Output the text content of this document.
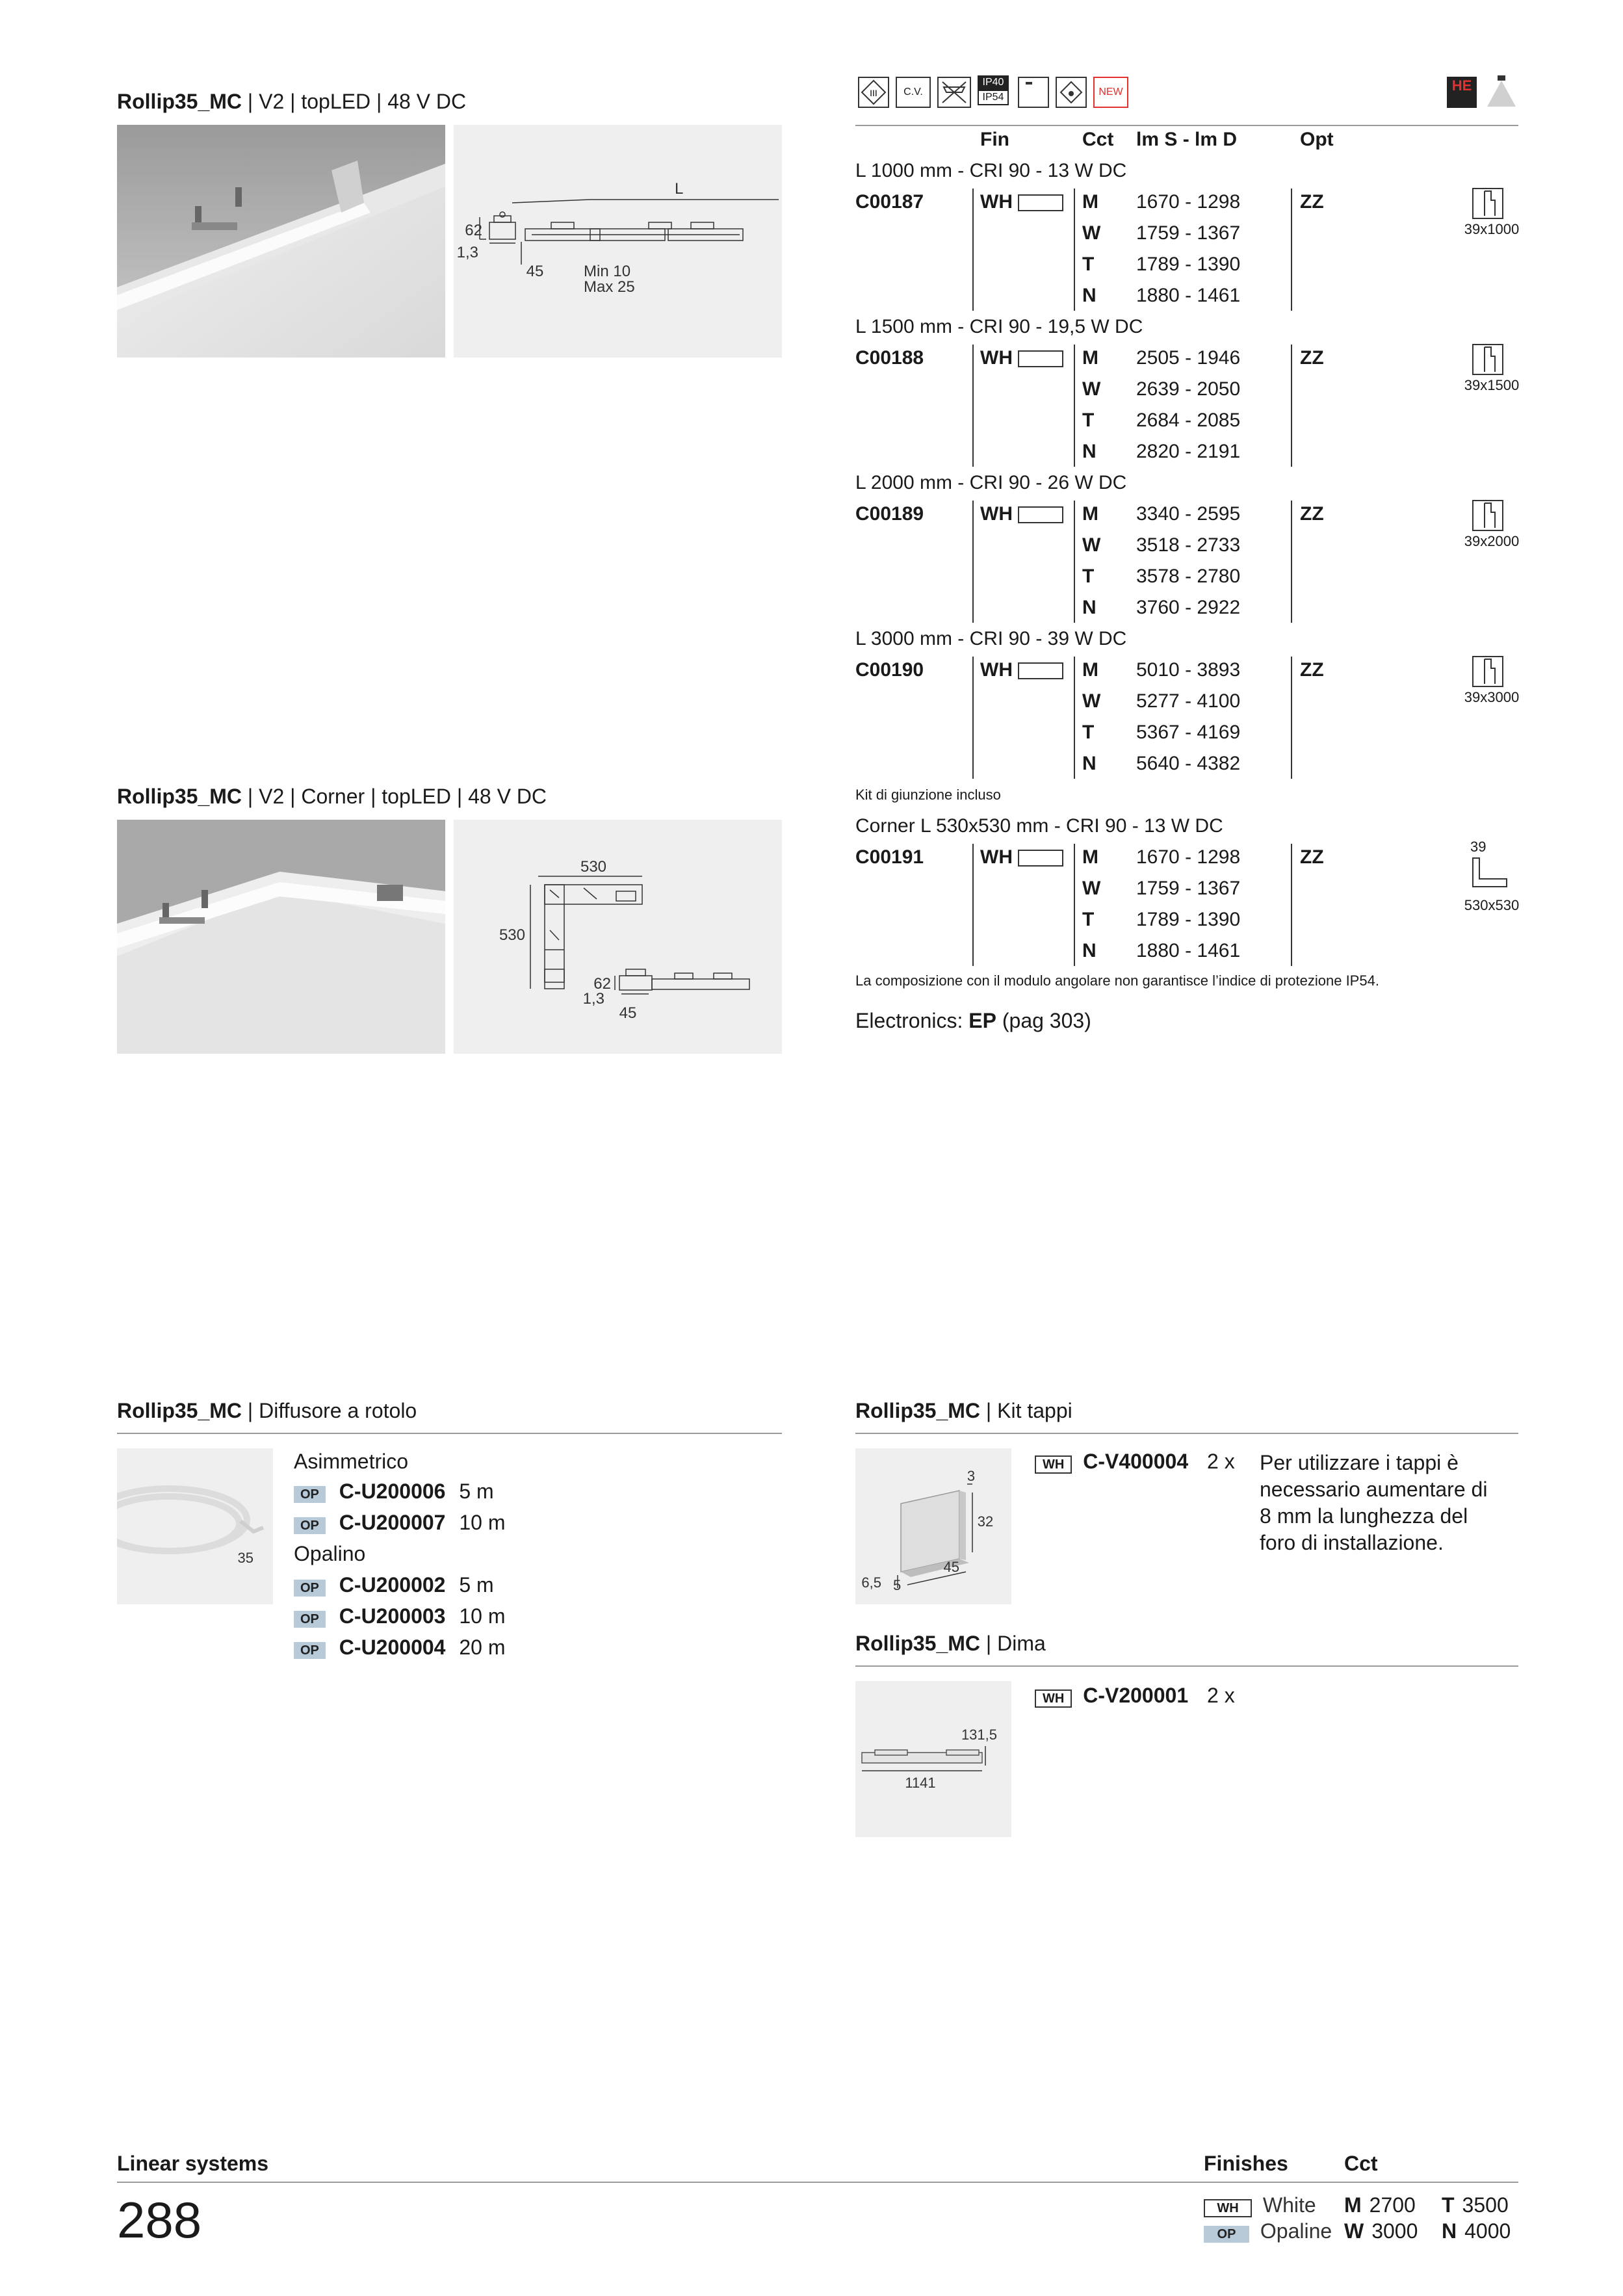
Rollip35_MC | V2 | topLED | 48 V DC
L
62
1,3
45	Min 10
Max 25
Rollip35_MC | V2 | Corner | topLED | 48 V DC
530
530
62
1,3
45
III	C.V.
IP40
IP54	NEW	HE
Fin	Cct lm S - lm D	Opt
L 1000 mm - CRI 90 - 13 W DC
C00187	WH	M 1670 - 1298
W 1759 - 1367
T 1789 - 1390
N 1880 - 1461
ZZ
39x1000
L 1500 mm - CRI 90 - 19,5 W DC
C00188	WH	M 2505 - 1946
W 2639 - 2050
T 2684 - 2085
N 2820 - 2191
ZZ
39x1500
L 2000 mm - CRI 90 - 26 W DC
C00189	WH	M 3340 - 2595
W 3518 - 2733
T 3578 - 2780
N 3760 - 2922
ZZ
39x2000
L 3000 mm - CRI 90 - 39 W DC
C00190	WH	M 5010 - 3893
W 5277 - 4100
T 5367 - 4169
N 5640 - 4382
ZZ
39x3000
Kit di giunzione incluso
Corner L 530x530 mm - CRI 90 - 13 W DC
C00191	WH	M 1670 - 1298
W 1759 - 1367
T 1789 - 1390
N 1880 - 1461
ZZ	39
530x530
La composizione con il modulo angolare non garantisce l’indice di protezione IP54.
Electronics: EP (pag 303)
Rollip35_MC | Diffusore a rotolo
35
Asimmetrico
OP C-U200006 5 m
OP C-U200007 10 m
Opalino
OP C-U200002 5 m
OP C-U200003 10 m
OP C-U200004 20 m
Rollip35_MC | Kit tappi
3
32
45
6,5 5
WH C-V400004 2 x Per utilizzare i tappi è
necessario aumentare di
8 mm la lunghezza del
foro di installazione.
Rollip35_MC | Dima
131,5
1141
WH C-V200001 2 x
Linear systems	Finishes	Cct
288	WH White
OP Opaline
M 2700 T 3500
W 3000 N 4000
